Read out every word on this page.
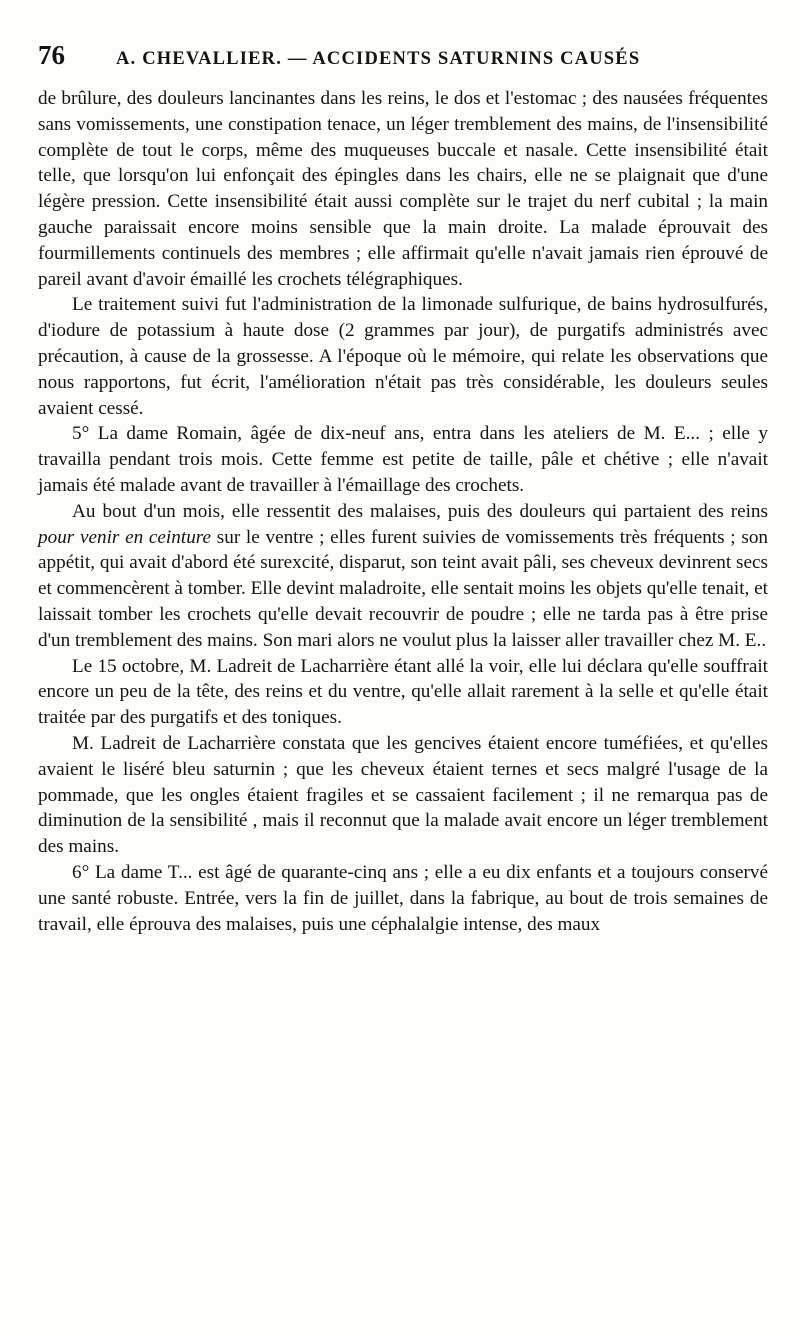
76	A. CHEVALLIER. — ACCIDENTS SATURNINS CAUSÉS

de brûlure, des douleurs lancinantes dans les reins, le dos et l'estomac ; des nausées fréquentes sans vomissements, une constipation tenace, un léger tremblement des mains, de l'insensibilité complète de tout le corps, même des muqueuses buccale et nasale. Cette insensibilité était telle, que lorsqu'on lui enfonçait des épingles dans les chairs, elle ne se plaignait que d'une légère pression. Cette insensibilité était aussi complète sur le trajet du nerf cubital ; la main gauche paraissait encore moins sensible que la main droite. La malade éprouvait des fourmillements continuels des membres ; elle affirmait qu'elle n'avait jamais rien éprouvé de pareil avant d'avoir émaillé les crochets télégraphiques.

Le traitement suivi fut l'administration de la limonade sulfurique, de bains hydrosulfurés, d'iodure de potassium à haute dose (2 grammes par jour), de purgatifs administrés avec précaution, à cause de la grossesse. A l'époque où le mémoire, qui relate les observations que nous rapportons, fut écrit, l'amélioration n'était pas très considérable, les douleurs seules avaient cessé.

5° La dame Romain, âgée de dix-neuf ans, entra dans les ateliers de M. E... ; elle y travailla pendant trois mois. Cette femme est petite de taille, pâle et chétive ; elle n'avait jamais été malade avant de travailler à l'émaillage des crochets.

Au bout d'un mois, elle ressentit des malaises, puis des douleurs qui partaient des reins pour venir en ceinture sur le ventre ; elles furent suivies de vomissements très fréquents ; son appétit, qui avait d'abord été surexcité, disparut, son teint avait pâli, ses cheveux devinrent secs et commencèrent à tomber. Elle devint maladroite, elle sentait moins les objets qu'elle tenait, et laissait tomber les crochets qu'elle devait recouvrir de poudre ; elle ne tarda pas à être prise d'un tremblement des mains. Son mari alors ne voulut plus la laisser aller travailler chez M. E..

Le 15 octobre, M. Ladreit de Lacharrière étant allé la voir, elle lui déclara qu'elle souffrait encore un peu de la tête, des reins et du ventre, qu'elle allait rarement à la selle et qu'elle était traitée par des purgatifs et des toniques.

M. Ladreit de Lacharrière constata que les gencives étaient encore tuméfiées, et qu'elles avaient le liséré bleu saturnin ; que les cheveux étaient ternes et secs malgré l'usage de la pommade, que les ongles étaient fragiles et se cassaient facilement ; il ne remarqua pas de diminution de la sensibilité , mais il reconnut que la malade avait encore un léger tremblement des mains.

6° La dame T... est âgé de quarante-cinq ans ; elle a eu dix enfants et a toujours conservé une santé robuste. Entrée, vers la fin de juillet, dans la fabrique, au bout de trois semaines de travail, elle éprouva des malaises, puis une céphalalgie intense, des maux
